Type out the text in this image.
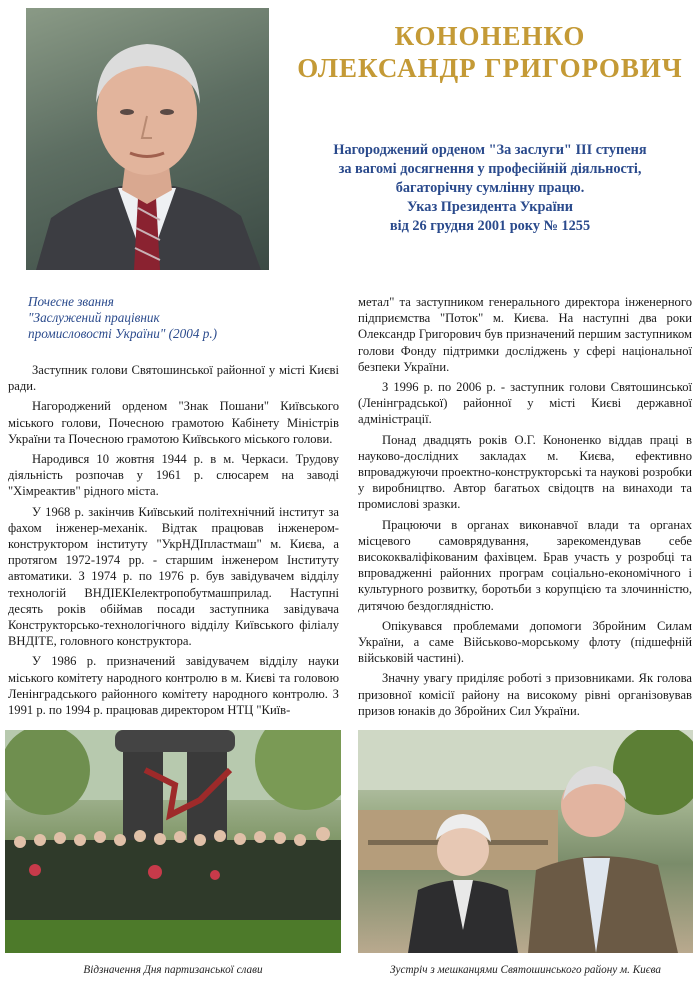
КОНОНЕНКО
ОЛЕКСАНДР ГРИГОРОВИЧ
Нагороджений орденом "За заслуги" ІІІ ступеня
за вагомі досягнення у професійній діяльності,
багаторічну сумлінну працю.
Указ Президента України
від 26 грудня 2001 року № 1255
Почесне звання
"Заслужений працівник
промисловості України" (2004 р.)

Заступник голови Святошинської районної у місті Києві ради.

Нагороджений орденом "Знак Пошани" Київського міського голови, Почесною грамотою Кабінету Міністрів України та Почесною грамотою Київського міського голови.

Народився 10 жовтня 1944 р. в м. Черкаси. Трудову діяльність розпочав у 1961 р. слюсарем на заводі "Хімреактив" рідного міста.

У 1968 р. закінчив Київський політехнічний інститут за фахом інженер-механік. Відтак працював інженером-конструктором інституту "УкрНДІпластмаш" м. Києва, а протягом 1972-1974 рр. - старшим інженером Інституту автоматики. З 1974 р. по 1976 р. був завідувачем відділу технологій ВНДІЕКІелектропобутмашприлад. Наступні десять років обіймав посади заступника завідувача Конструкторсько-технологічного відділу Київського філіалу ВНДІТЕ, головного конструктора.

У 1986 р. призначений завідувачем відділу науки міського комітету народного контролю в м. Києві та головою Ленінградського районного комітету народного контролю. З 1991 р. по 1994 р. працював директором НТЦ "Київ-

метал" та заступником генерального директора інженерного підприємства "Поток" м. Києва. На наступні два роки Олександр Григорович був призначений першим заступником голови Фонду підтримки досліджень у сфері національної безпеки України.

З 1996 р. по 2006 р. - заступник голови Святошинської (Ленінградської) районної у місті Києві державної адміністрації.

Понад двадцять років О.Г. Кононенко віддав праці в науково-дослідних закладах м. Києва, ефективно впроваджуючи проектно-конструкторські та наукові розробки у виробництво. Автор багатьох свідоцтв на винаходи та промислові зразки.

Працюючи в органах виконавчої влади та органах місцевого самоврядування, зарекомендував себе висококваліфікованим фахівцем. Брав участь у розробці та впровадженні районних програм соціально-економічного і культурного розвитку, боротьби з корупцією та злочинністю, дитячою бездоглядністю.

Опікувався проблемами допомоги Збройним Силам України, а саме Військово-морському флоту (підшефній військовій частині).

Значну увагу приділяє роботі з призовниками. Як голова призовної комісії району на високому рівні організовував призов юнаків до Збройних Сил України.

Відзначення Дня партизанської слави	Зустріч з мешканцями Святошинського району м. Києва
